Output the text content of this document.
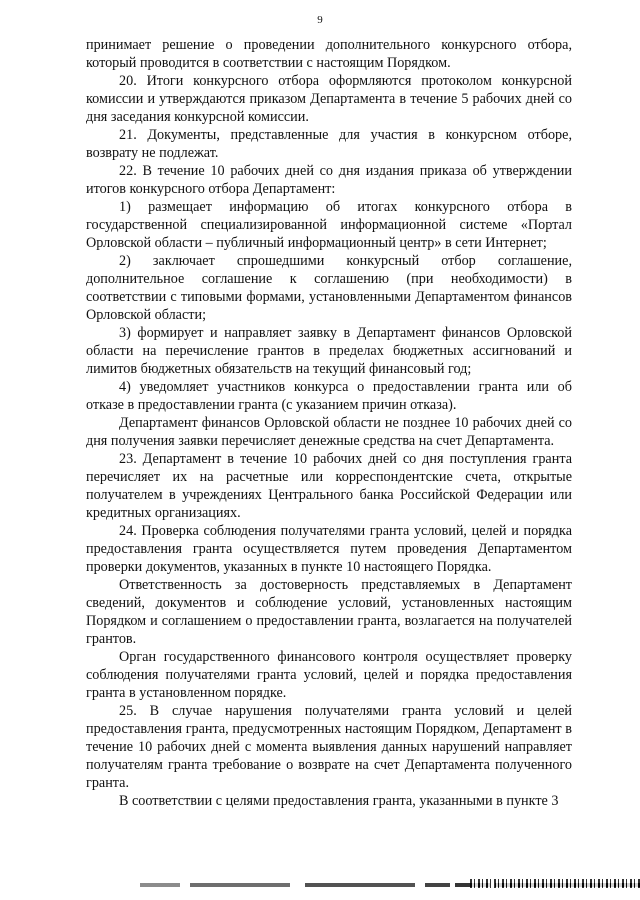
9

принимает решение о проведении дополнительного конкурсного отбора, который проводится в соответствии с настоящим Порядком.

20. Итоги конкурсного отбора оформляются протоколом конкурсной комиссии и утверждаются приказом Департамента в течение 5 рабочих дней со дня заседания конкурсной комиссии.

21. Документы, представленные для участия в конкурсном отборе, возврату не подлежат.

22. В течение 10 рабочих дней со дня издания приказа об утверждении итогов конкурсного отбора Департамент:

1) размещает информацию об итогах конкурсного отбора в государственной специализированной информационной системе «Портал Орловской области – публичный информационный центр» в сети Интернет;

2) заключает спрошедшими конкурсный отбор соглашение, дополнительное соглашение к соглашению (при необходимости) в соответствии с типовыми формами, установленными Департаментом финансов Орловской области;

3) формирует и направляет заявку в Департамент финансов Орловской области на перечисление грантов в пределах бюджетных ассигнований и лимитов бюджетных обязательств на текущий финансовый год;

4) уведомляет участников конкурса о предоставлении гранта или об отказе в предоставлении гранта (с указанием причин отказа).

Департамент финансов Орловской области не позднее 10 рабочих дней со дня получения заявки перечисляет денежные средства на счет Департамента.

23. Департамент в течение 10 рабочих дней со дня поступления гранта перечисляет их на расчетные или корреспондентские счета, открытые получателем в учреждениях Центрального банка Российской Федерации или кредитных организациях.

24. Проверка соблюдения получателями гранта условий, целей и порядка предоставления гранта осуществляется путем проведения Департаментом проверки документов, указанных в пункте 10 настоящего Порядка.

Ответственность за достоверность представляемых в Департамент сведений, документов и соблюдение условий, установленных настоящим Порядком и соглашением о предоставлении гранта, возлагается на получателей грантов.

Орган государственного финансового контроля осуществляет проверку соблюдения получателями гранта условий, целей и порядка предоставления гранта в установленном порядке.

25. В случае нарушения получателями гранта условий и целей предоставления гранта, предусмотренных настоящим Порядком, Департамент в течение 10 рабочих дней с момента выявления данных нарушений направляет получателям гранта требование о возврате на счет Департамента полученного гранта.

В соответствии с целями предоставления гранта, указанными в пункте 3
